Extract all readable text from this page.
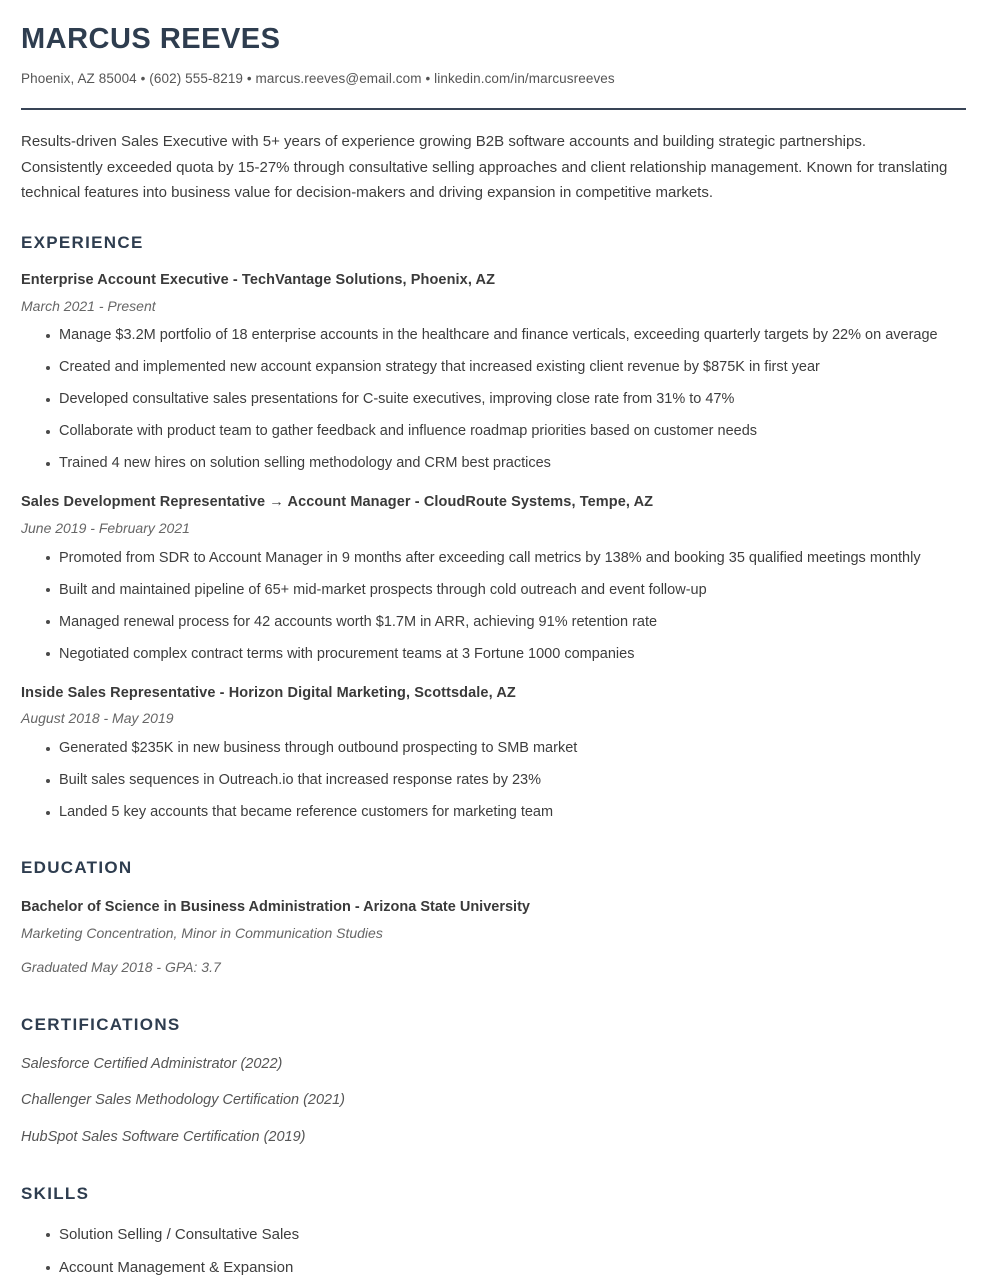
MARCUS REEVES
Phoenix, AZ 85004 • (602) 555-8219 • marcus.reeves@email.com • linkedin.com/in/marcusreeves
Results-driven Sales Executive with 5+ years of experience growing B2B software accounts and building strategic partnerships. Consistently exceeded quota by 15-27% through consultative selling approaches and client relationship management. Known for translating technical features into business value for decision-makers and driving expansion in competitive markets.
EXPERIENCE
Enterprise Account Executive - TechVantage Solutions, Phoenix, AZ
March 2021 - Present
Manage $3.2M portfolio of 18 enterprise accounts in the healthcare and finance verticals, exceeding quarterly targets by 22% on average
Created and implemented new account expansion strategy that increased existing client revenue by $875K in first year
Developed consultative sales presentations for C-suite executives, improving close rate from 31% to 47%
Collaborate with product team to gather feedback and influence roadmap priorities based on customer needs
Trained 4 new hires on solution selling methodology and CRM best practices
Sales Development Representative → Account Manager - CloudRoute Systems, Tempe, AZ
June 2019 - February 2021
Promoted from SDR to Account Manager in 9 months after exceeding call metrics by 138% and booking 35 qualified meetings monthly
Built and maintained pipeline of 65+ mid-market prospects through cold outreach and event follow-up
Managed renewal process for 42 accounts worth $1.7M in ARR, achieving 91% retention rate
Negotiated complex contract terms with procurement teams at 3 Fortune 1000 companies
Inside Sales Representative - Horizon Digital Marketing, Scottsdale, AZ
August 2018 - May 2019
Generated $235K in new business through outbound prospecting to SMB market
Built sales sequences in Outreach.io that increased response rates by 23%
Landed 5 key accounts that became reference customers for marketing team
EDUCATION
Bachelor of Science in Business Administration - Arizona State University
Marketing Concentration, Minor in Communication Studies
Graduated May 2018 - GPA: 3.7
CERTIFICATIONS
Salesforce Certified Administrator (2022)
Challenger Sales Methodology Certification (2021)
HubSpot Sales Software Certification (2019)
SKILLS
Solution Selling / Consultative Sales
Account Management & Expansion
